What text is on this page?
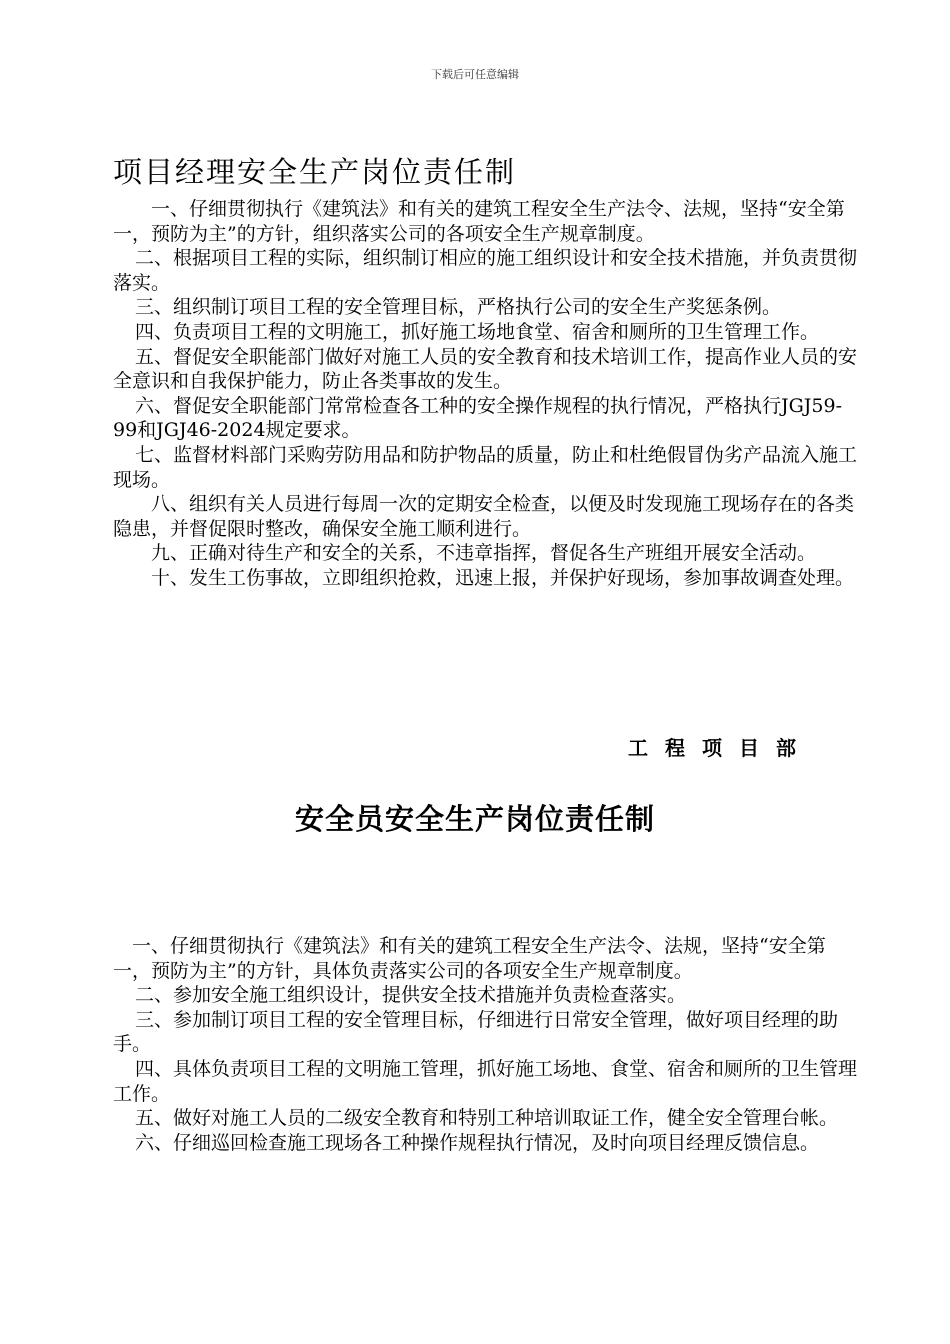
下载后可任意编辑
项目经理安全生产岗位责任制

一、仔细贯彻执行《建筑法》和有关的建筑工程安全生产法令、法规，坚持“安全第一，预防为主”的方针，组织落实公司的各项安全生产规章制度。

二、根据项目工程的实际，组织制订相应的施工组织设计和安全技术措施，并负责贯彻落实。

三、组织制订项目工程的安全管理目标，严格执行公司的安全生产奖惩条例。

四、负责项目工程的文明施工，抓好施工场地食堂、宿舍和厕所的卫生管理工作。

五、督促安全职能部门做好对施工人员的安全教育和技术培训工作，提高作业人员的安全意识和自我保护能力，防止各类事故的发生。

六、督促安全职能部门常常检查各工种的安全操作规程的执行情况，严格执行JGJ59-99和JGJ46-2024规定要求。

七、监督材料部门采购劳防用品和防护物品的质量，防止和杜绝假冒伪劣产品流入施工现场。

八、组织有关人员进行每周一次的定期安全检查，以便及时发现施工现场存在的各类隐患，并督促限时整改，确保安全施工顺利进行。

九、正确对待生产和安全的关系，不违章指挥，督促各生产班组开展安全活动。

十、发生工伤事故，立即组织抢救，迅速上报，并保护好现场，参加事故调查处理。

工程项目部
安全员安全生产岗位责任制

一、仔细贯彻执行《建筑法》和有关的建筑工程安全生产法令、法规，坚持“安全第一，预防为主”的方针，具体负责落实公司的各项安全生产规章制度。

二、参加安全施工组织设计，提供安全技术措施并负责检查落实。

三、参加制订项目工程的安全管理目标，仔细进行日常安全管理，做好项目经理的助手。

四、具体负责项目工程的文明施工管理，抓好施工场地、食堂、宿舍和厕所的卫生管理工作。

五、做好对施工人员的二级安全教育和特别工种培训取证工作，健全安全管理台帐。

六、仔细巡回检查施工现场各工种操作规程执行情况，及时向项目经理反馈信息。
